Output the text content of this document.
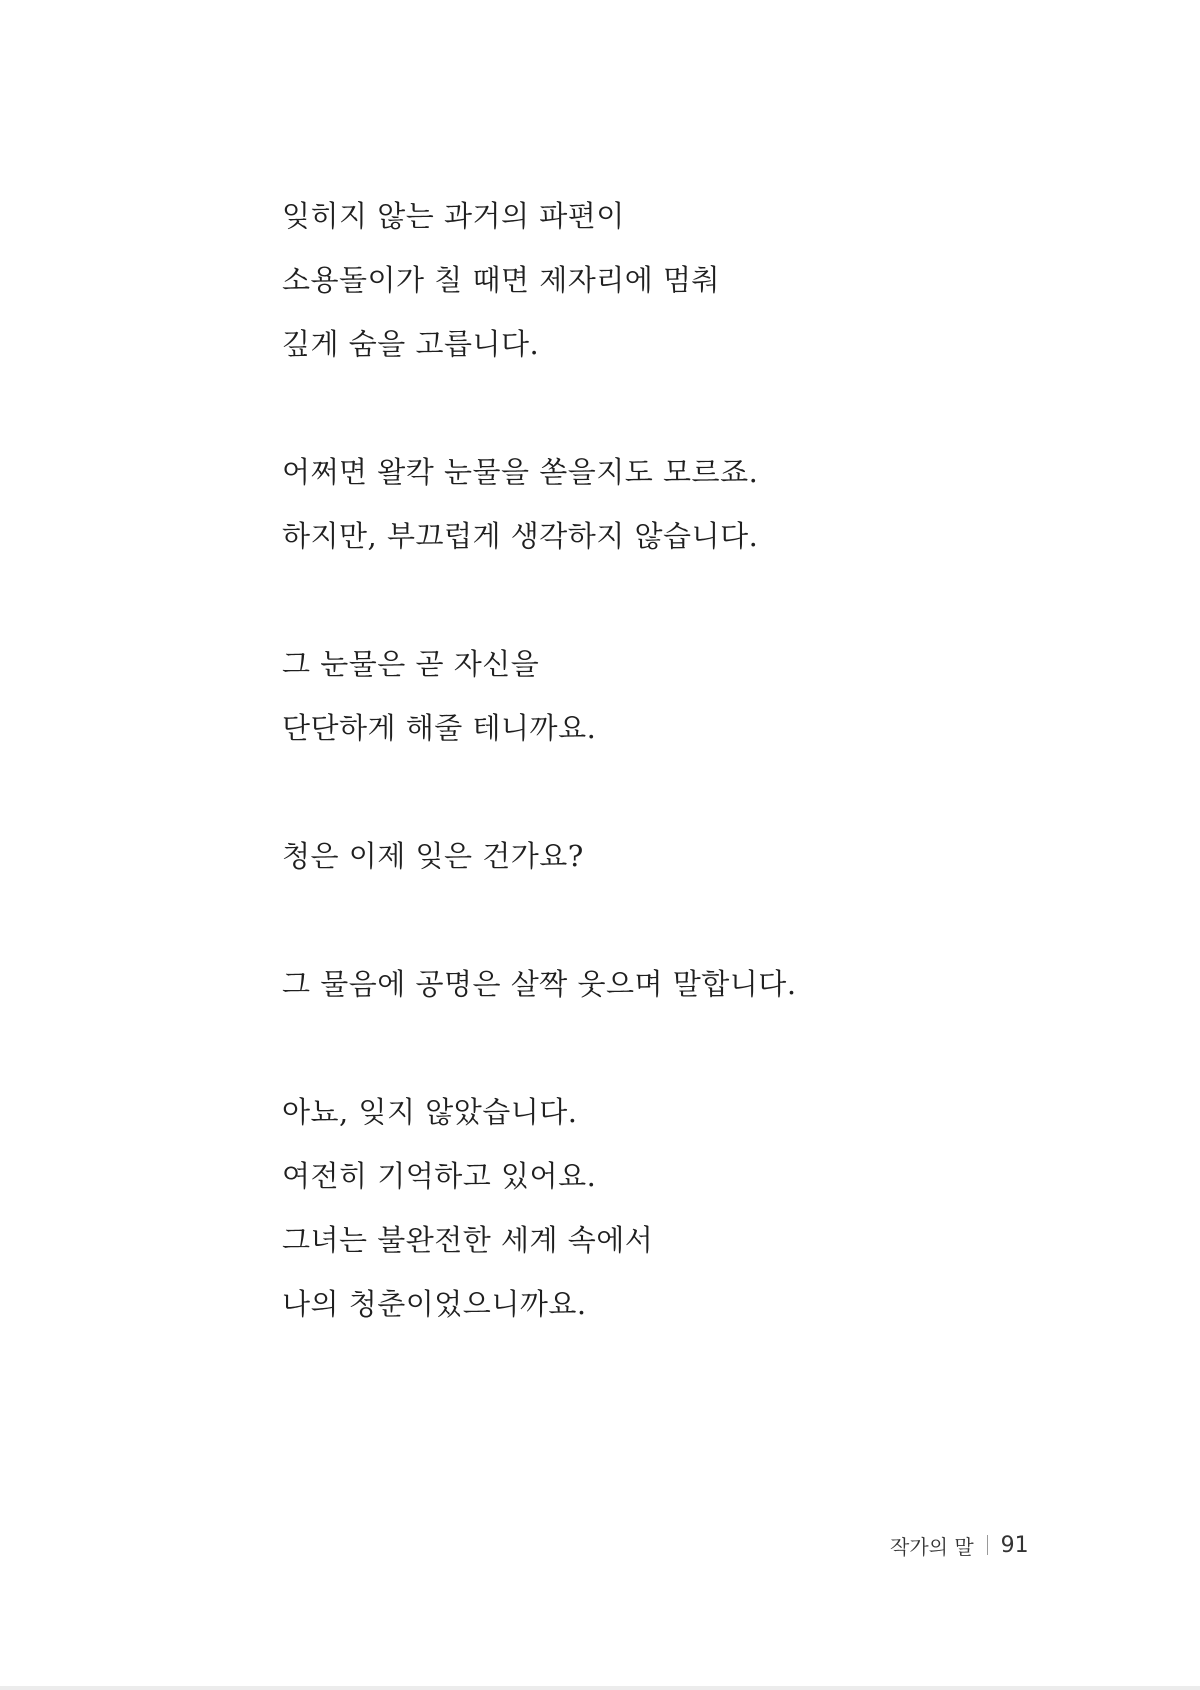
잊히지 않는 과거의 파편이
소용돌이가 칠 때면 제자리에 멈춰
깊게 숨을 고릅니다.
어쩌면 왈칵 눈물을 쏟을지도 모르죠.
하지만, 부끄럽게 생각하지 않습니다.
그 눈물은 곧 자신을
단단하게 해줄 테니까요.
청은 이제 잊은 건가요?
그 물음에 공명은 살짝 웃으며 말합니다.
아뇨, 잊지 않았습니다.
여전히 기억하고 있어요.
그녀는 불완전한 세계 속에서
나의 청춘이었으니까요.
작가의 말 91
